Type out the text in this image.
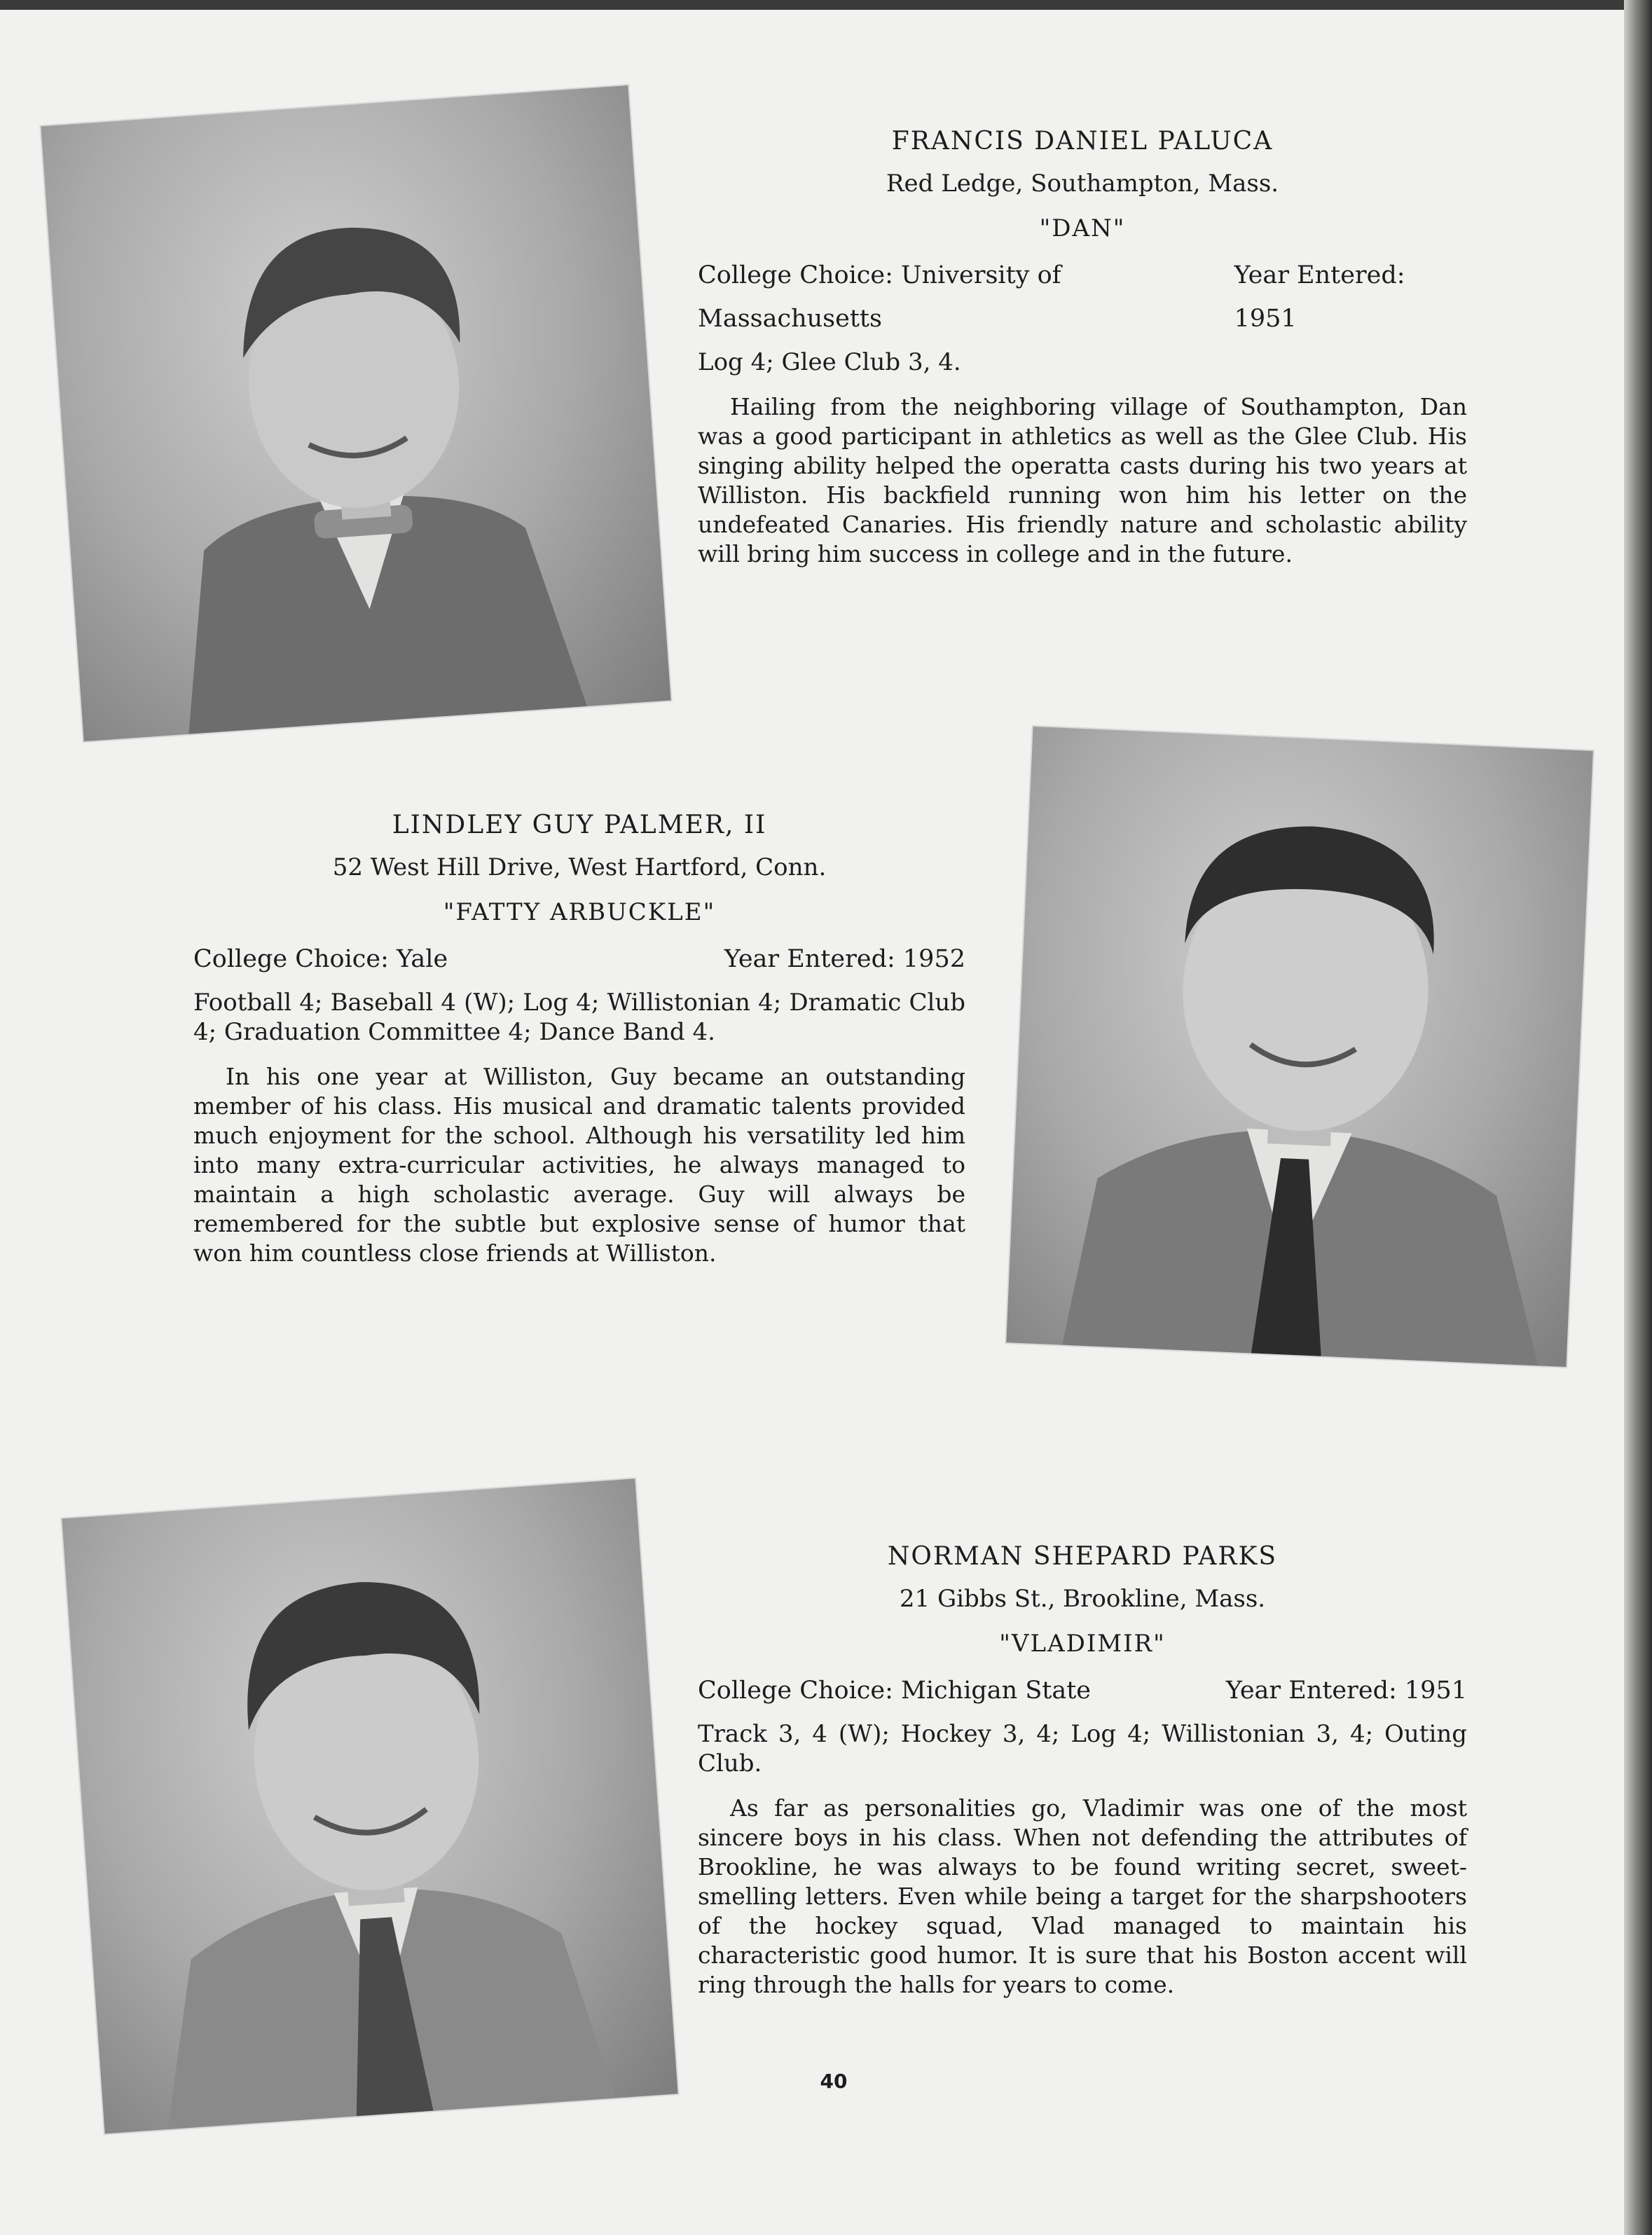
FRANCIS DANIEL PALUCA
Red Ledge, Southampton, Mass.
"DAN"
College Choice: University of Massachusetts
Year Entered: 1951
Log 4; Glee Club 3, 4.
Hailing from the neighboring village of Southampton, Dan was a good participant in athletics as well as the Glee Club. His singing ability helped the operatta casts during his two years at Williston. His backfield running won him his letter on the undefeated Canaries. His friendly nature and scholastic ability will bring him success in college and in the future.
LINDLEY GUY PALMER, II
52 West Hill Drive, West Hartford, Conn.
"FATTY ARBUCKLE"
College Choice: Yale	Year Entered: 1952
Football 4; Baseball 4 (W); Log 4; Willistonian 4; Dramatic Club 4; Graduation Committee 4; Dance Band 4.
In his one year at Williston, Guy became an outstanding member of his class. His musical and dramatic talents provided much enjoyment for the school. Although his versatility led him into many extra-curricular activities, he always managed to maintain a high scholastic average. Guy will always be remembered for the subtle but explosive sense of humor that won him countless close friends at Williston.
NORMAN SHEPARD PARKS
21 Gibbs St., Brookline, Mass.
"VLADIMIR"
College Choice: Michigan State	Year Entered: 1951
Track 3, 4 (W); Hockey 3, 4; Log 4; Willistonian 3, 4; Outing Club.
As far as personalities go, Vladimir was one of the most sincere boys in his class. When not defending the attributes of Brookline, he was always to be found writing secret, sweet-smelling letters. Even while being a target for the sharpshooters of the hockey squad, Vlad managed to maintain his characteristic good humor. It is sure that his Boston accent will ring through the halls for years to come.
40
